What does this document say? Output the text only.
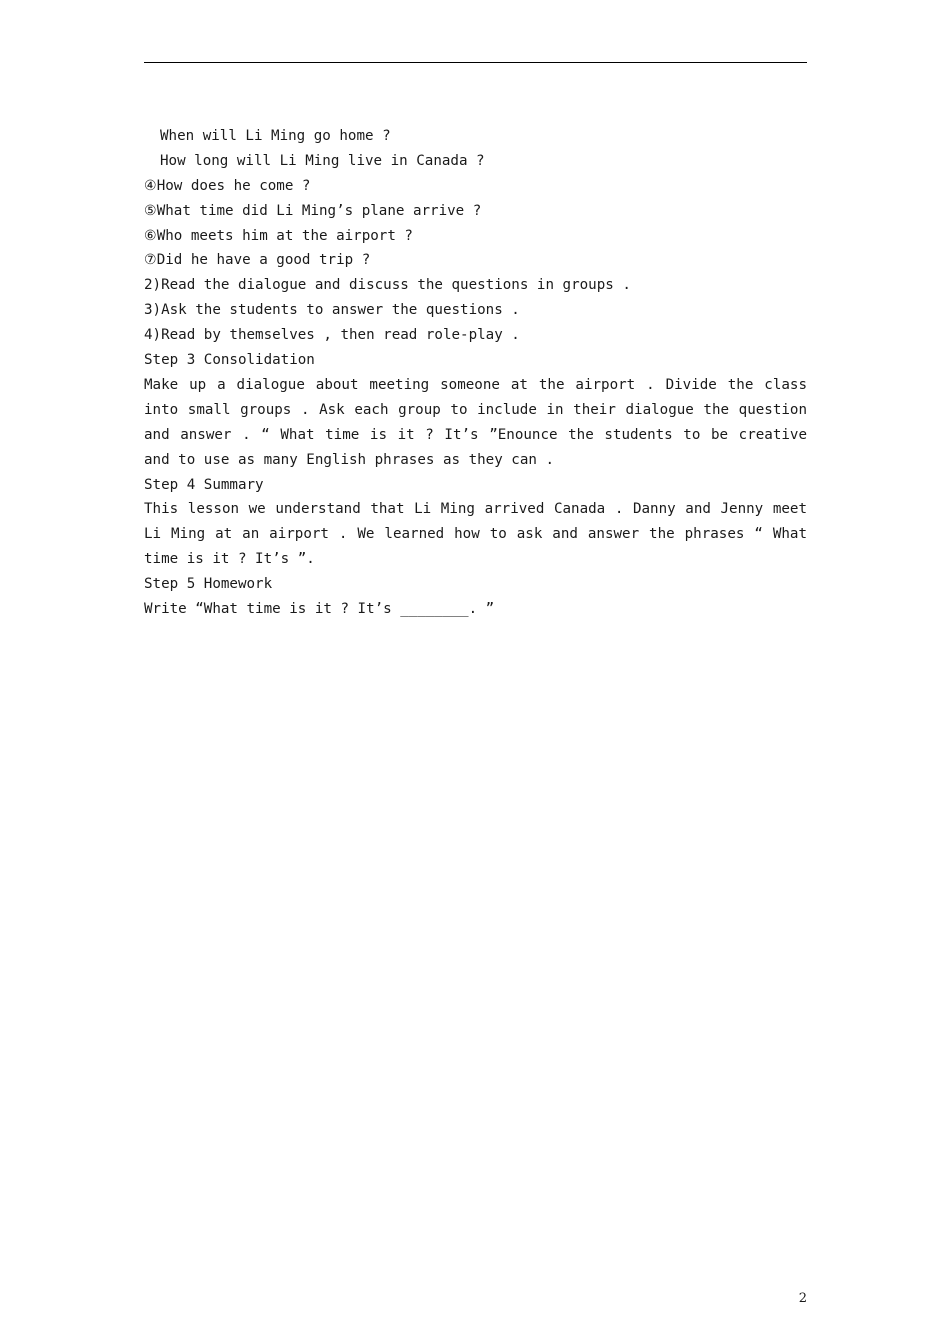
When will Li Ming go home ?
How long will Li Ming live in Canada ?
④How does he come ?
⑤What time did Li Ming’s plane arrive ?
⑥Who meets him at the airport ?
⑦Did he have a good trip ?
2)Read the dialogue and discuss the questions in groups .
3)Ask the students to answer the questions .
4)Read by themselves , then read role-play .
Step 3 Consolidation
Make up a dialogue about meeting someone at the airport . Divide the class into small groups . Ask each group to include in their dialogue the question and answer . “ What time is it ? It’s ”Enounce the students to be creative and to use as many English phrases as they can .
Step 4 Summary
This lesson we understand that Li Ming arrived Canada . Danny and Jenny meet Li Ming at an airport . We learned how to ask and answer the phrases “ What time is it ? It’s ”.
Step 5 Homework
Write “What time is it ? It’s ________. ”
2
